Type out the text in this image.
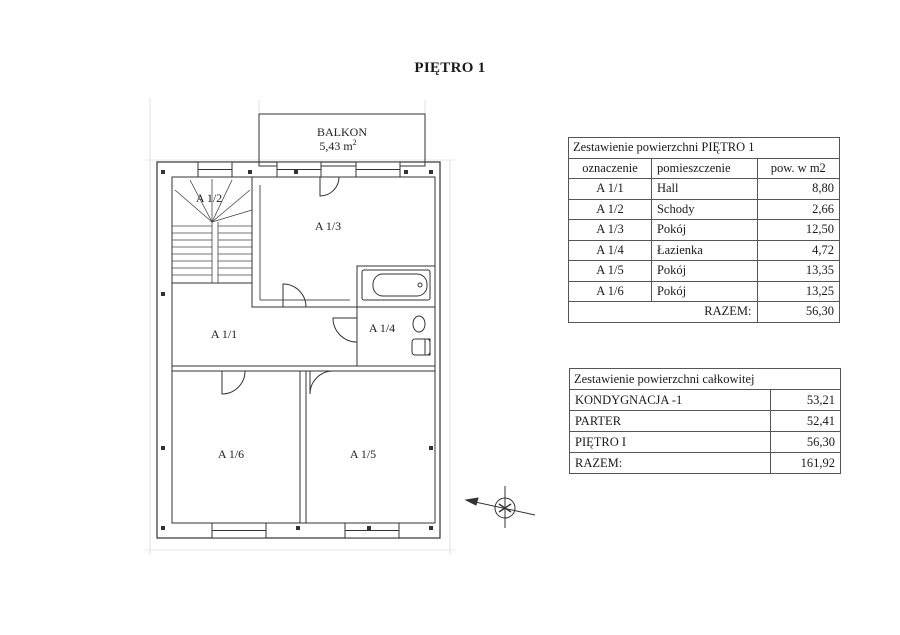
PIĘTRO 1
BALKON
5,43 $m^2$
A 1/2
A 1/3
A 1/4
A 1/1
A 1/6	A 1/5
Zestawienie powierzchni PIĘTRO 1		
oznaczenie	pomieszczenie	pow. w m2
A 1/1	Hall	8,80
A 1/2	Schody	2,66
A 1/3	Pokój	12,50
A 1/4	Łazienka	4,72
A 1/5	Pokój	13,35
A 1/6	Pokój	13,25
RAZEM:		56,30
Zestawienie powierzchni całkowitej	
KONDYGNACJA -1	53,21
PARTER	52,41
PIĘTRO I	56,30
RAZEM:	161,92
